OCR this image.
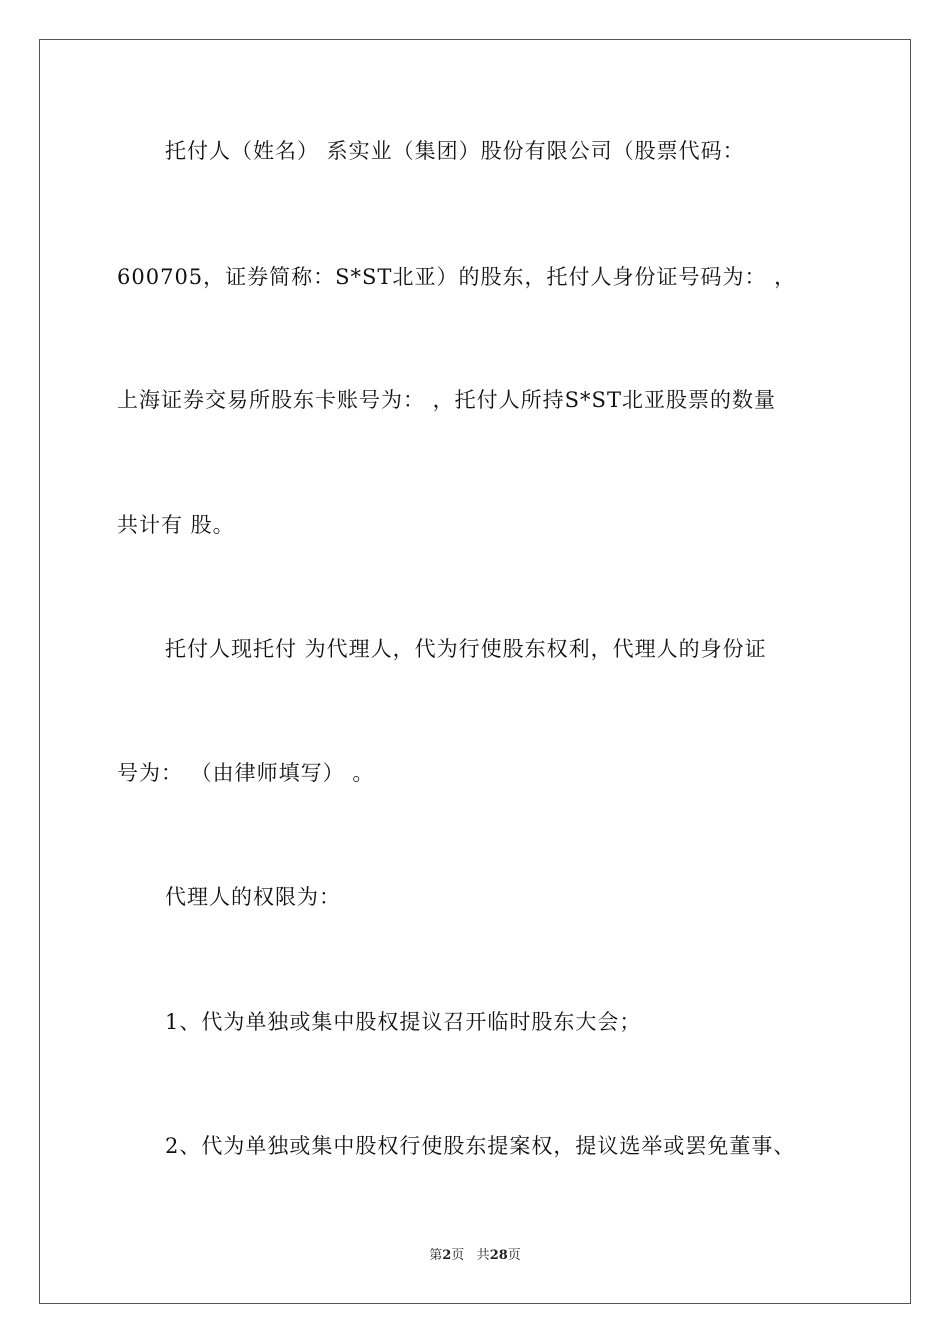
托付人（姓名） 系实业（集团）股份有限公司（股票代码：
600705，证券简称：S*ST北亚）的股东，托付人身份证号码为： ，
上海证券交易所股东卡账号为： ，托付人所持S*ST北亚股票的数量
共计有 股。
托付人现托付 为代理人，代为行使股东权利，代理人的身份证
号为： （由律师填写） 。
代理人的权限为：
1、代为单独或集中股权提议召开临时股东大会；
2、代为单独或集中股权行使股东提案权，提议选举或罢免董事、
第2页 共28页
